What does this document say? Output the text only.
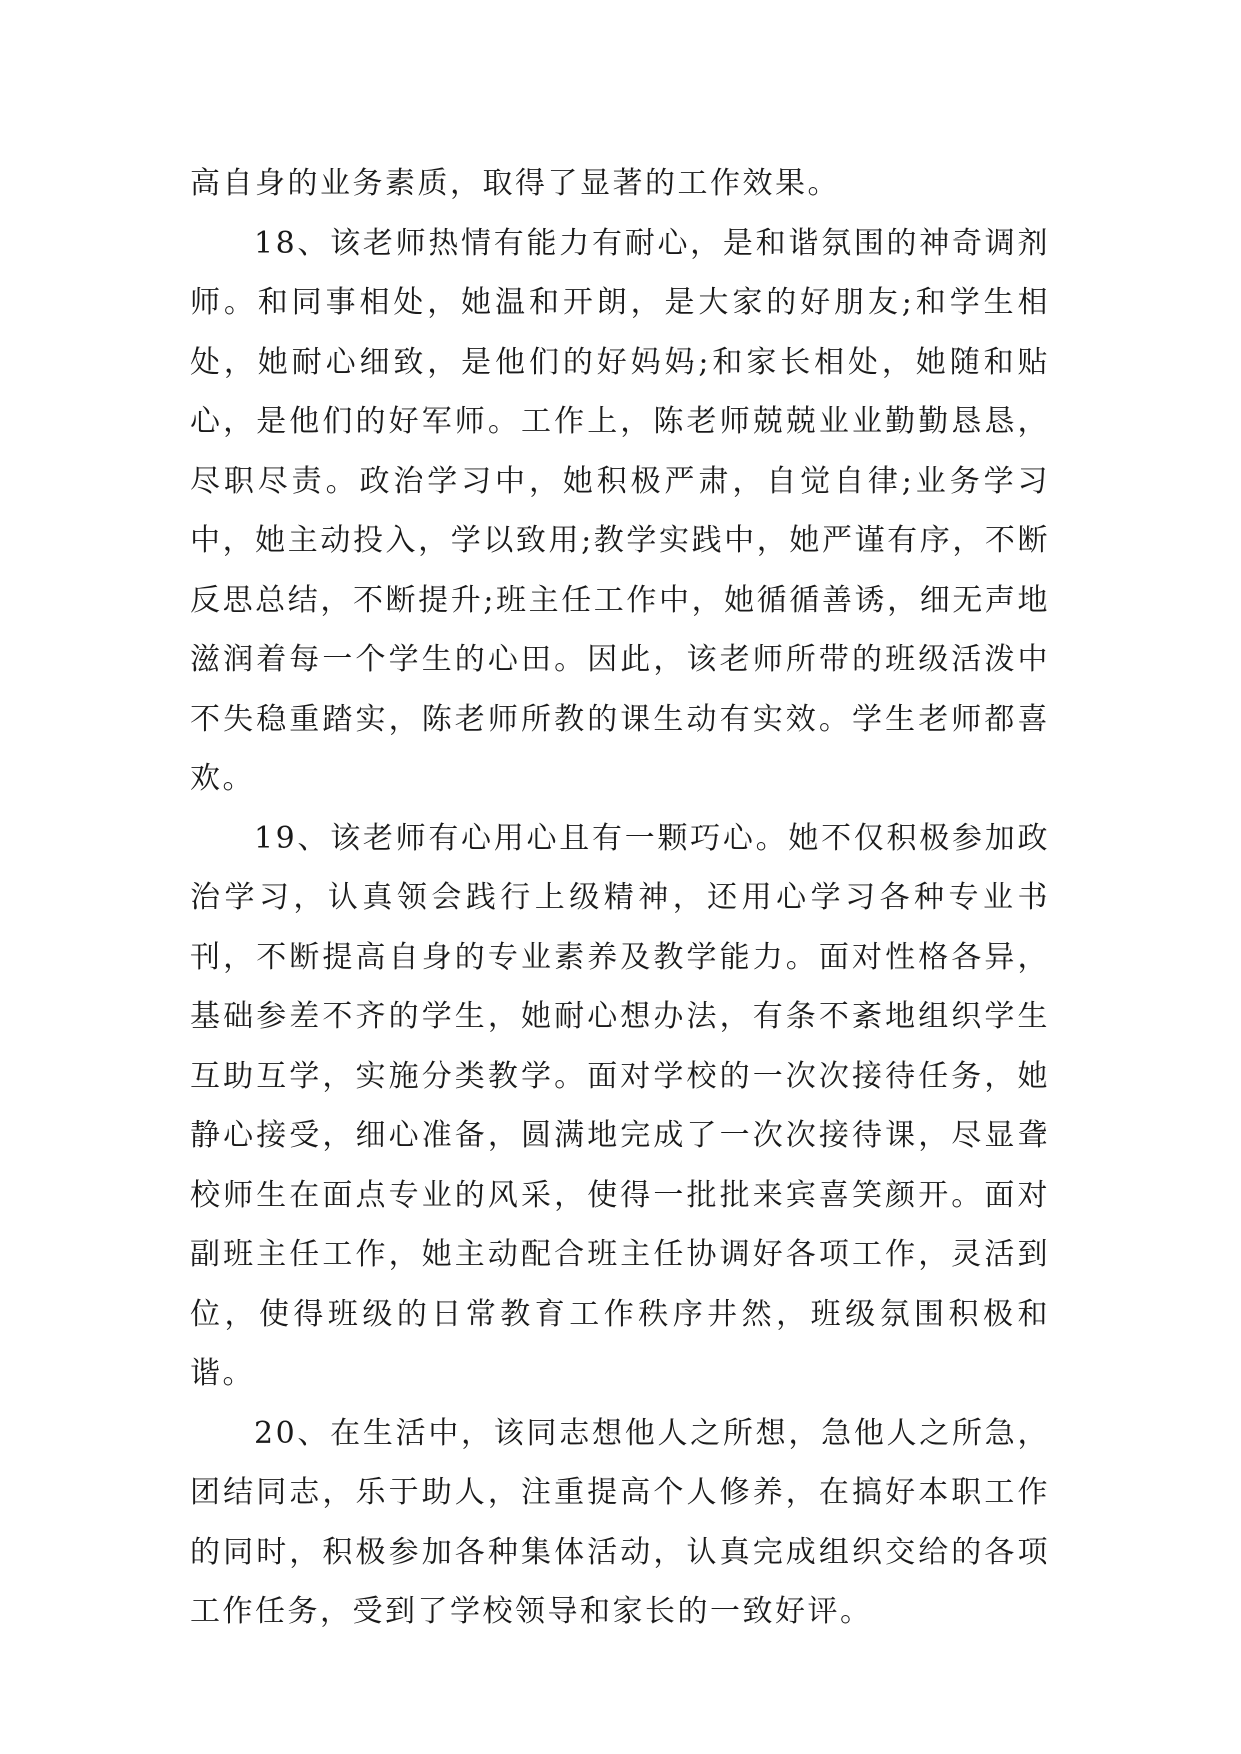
高自身的业务素质，取得了显著的工作效果。

18、该老师热情有能力有耐心，是和谐氛围的神奇调剂师。和同事相处，她温和开朗，是大家的好朋友;和学生相处，她耐心细致，是他们的好妈妈;和家长相处，她随和贴心，是他们的好军师。工作上，陈老师兢兢业业勤勤恳恳，尽职尽责。政治学习中，她积极严肃，自觉自律;业务学习中，她主动投入，学以致用;教学实践中，她严谨有序，不断反思总结，不断提升;班主任工作中，她循循善诱，细无声地滋润着每一个学生的心田。因此，该老师所带的班级活泼中不失稳重踏实，陈老师所教的课生动有实效。学生老师都喜欢。

19、该老师有心用心且有一颗巧心。她不仅积极参加政治学习，认真领会践行上级精神，还用心学习各种专业书刊，不断提高自身的专业素养及教学能力。面对性格各异，基础参差不齐的学生，她耐心想办法，有条不紊地组织学生互助互学，实施分类教学。面对学校的一次次接待任务，她静心接受，细心准备，圆满地完成了一次次接待课，尽显聋校师生在面点专业的风采，使得一批批来宾喜笑颜开。面对副班主任工作，她主动配合班主任协调好各项工作，灵活到位，使得班级的日常教育工作秩序井然，班级氛围积极和谐。

20、在生活中，该同志想他人之所想，急他人之所急，团结同志，乐于助人，注重提高个人修养，在搞好本职工作的同时，积极参加各种集体活动，认真完成组织交给的各项工作任务，受到了学校领导和家长的一致好评。
